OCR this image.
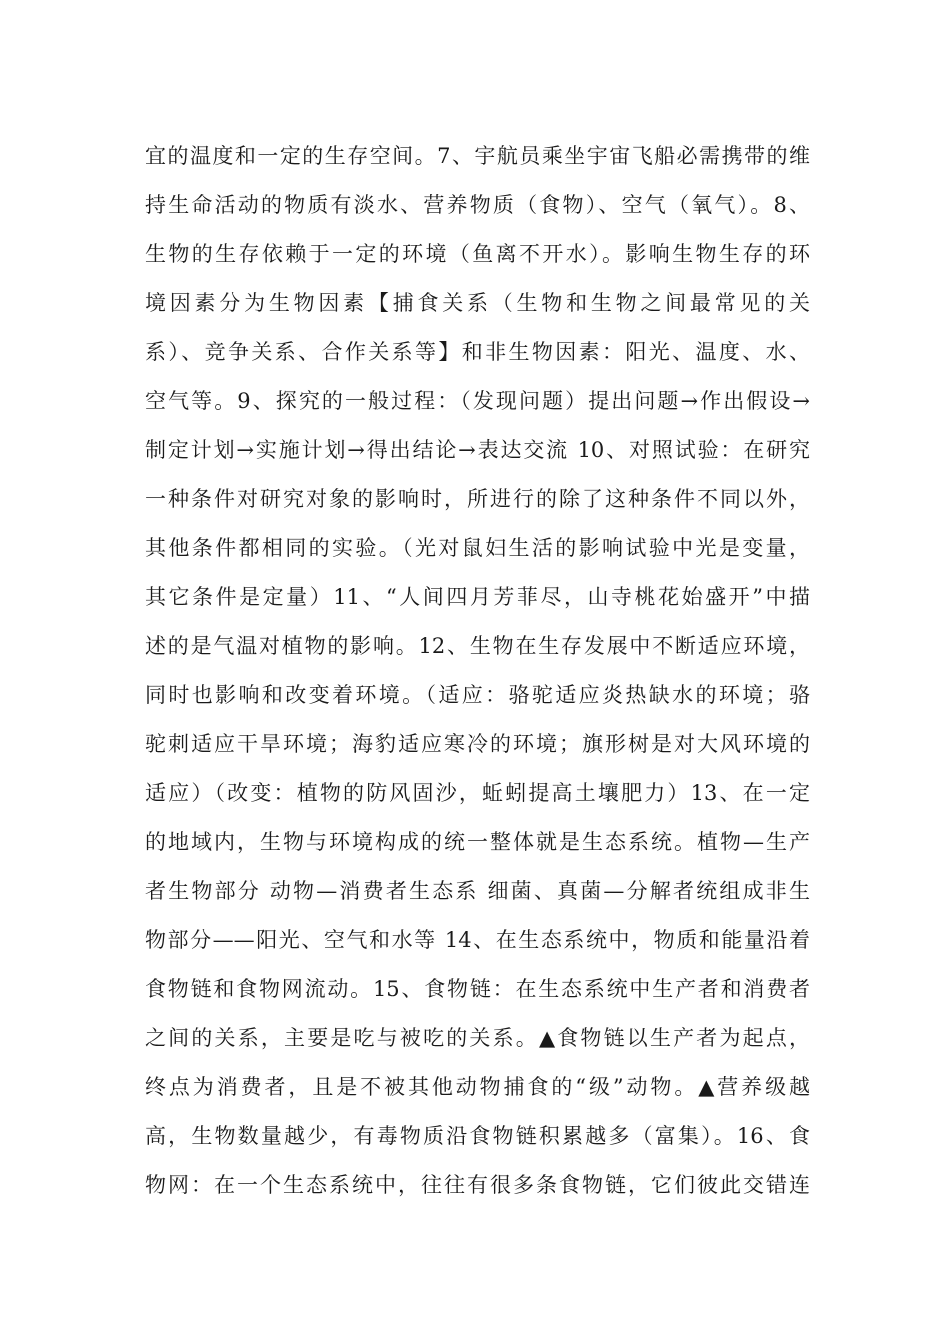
宜的温度和一定的生存空间。7、宇航员乘坐宇宙飞船必需携带的维
持生命活动的物质有淡水、营养物质（食物）、空气（氧气）。8、
生物的生存依赖于一定的环境（鱼离不开水）。影响生物生存的环
境因素分为生物因素【捕食关系（生物和生物之间最常见的关
系）、竞争关系、合作关系等】和非生物因素：阳光、温度、水、
空气等。9、探究的一般过程：（发现问题）提出问题→作出假设→
制定计划→实施计划→得出结论→表达交流 10、对照试验：在研究
一种条件对研究对象的影响时，所进行的除了这种条件不同以外，
其他条件都相同的实验。（光对鼠妇生活的影响试验中光是变量，
其它条件是定量）11、“人间四月芳菲尽，山寺桃花始盛开”中描
述的是气温对植物的影响。12、生物在生存发展中不断适应环境，
同时也影响和改变着环境。（适应：骆驼适应炎热缺水的环境；骆
驼刺适应干旱环境；海豹适应寒冷的环境；旗形树是对大风环境的
适应）（改变：植物的防风固沙，蚯蚓提高土壤肥力）13、在一定
的地域内，生物与环境构成的统一整体就是生态系统。植物—生产
者生物部分 动物—消费者生态系 细菌、真菌—分解者统组成非生
物部分——阳光、空气和水等 14、在生态系统中，物质和能量沿着
食物链和食物网流动。15、食物链：在生态系统中生产者和消费者
之间的关系，主要是吃与被吃的关系。▲食物链以生产者为起点，
终点为消费者，且是不被其他动物捕食的“级”动物。▲营养级越
高，生物数量越少，有毒物质沿食物链积累越多（富集）。16、食
物网：在一个生态系统中，往往有很多条食物链，它们彼此交错连
